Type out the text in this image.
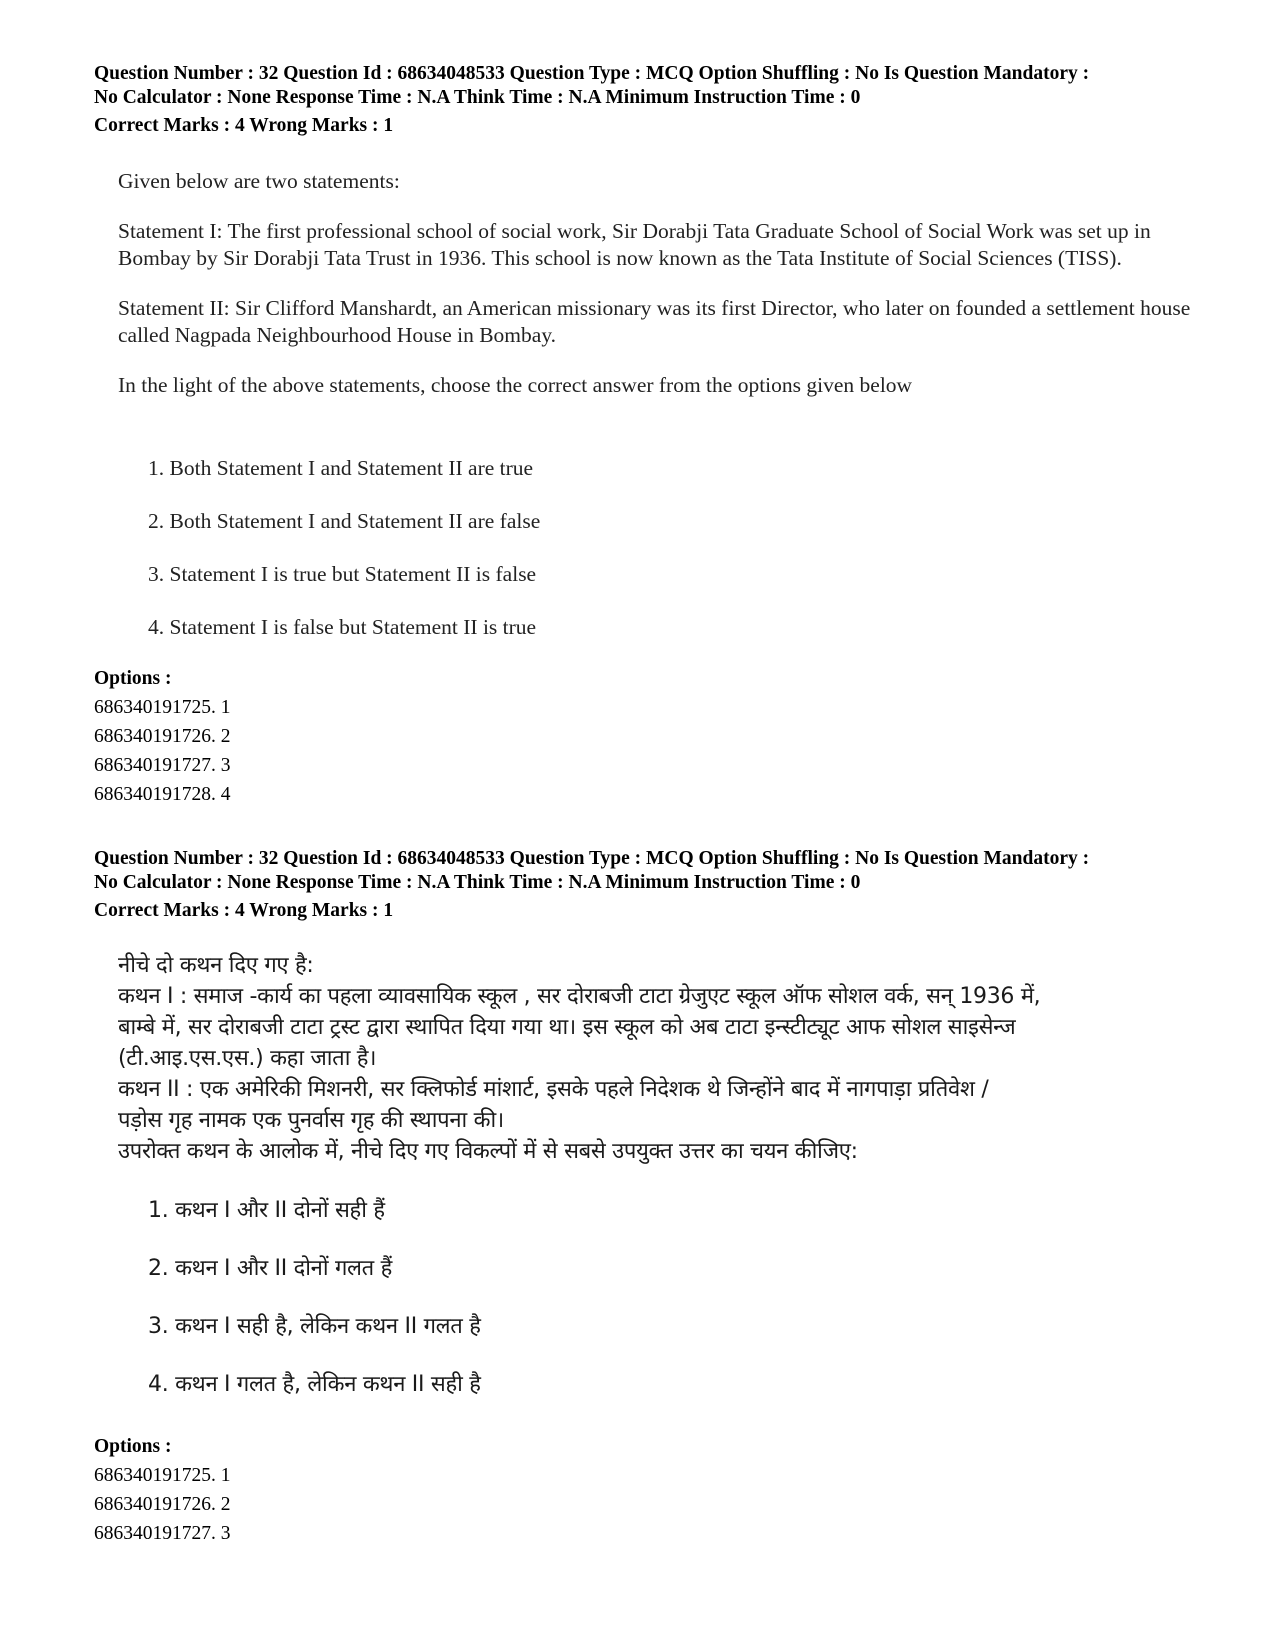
Question Number : 32 Question Id : 68634048533 Question Type : MCQ Option Shuffling : No Is Question Mandatory :
No Calculator : None Response Time : N.A Think Time : N.A Minimum Instruction Time : 0
Correct Marks : 4 Wrong Marks : 1

Given below are two statements:

Statement I: The first professional school of social work, Sir Dorabji Tata Graduate School of Social Work was set up in Bombay by Sir Dorabji Tata Trust in 1936. This school is now known as the Tata Institute of Social Sciences (TISS).

Statement II: Sir Clifford Manshardt, an American missionary was its first Director, who later on founded a settlement house called Nagpada Neighbourhood House in Bombay.

In the light of the above statements, choose the correct answer from the options given below

1. Both Statement I and Statement II are true
2. Both Statement I and Statement II are false
3. Statement I is true but Statement II is false
4. Statement I is false but Statement II is true
Options :
686340191725. 1
686340191726. 2
686340191727. 3
686340191728. 4
Question Number : 32 Question Id : 68634048533 Question Type : MCQ Option Shuffling : No Is Question Mandatory :
No Calculator : None Response Time : N.A Think Time : N.A Minimum Instruction Time : 0
Correct Marks : 4 Wrong Marks : 1

नीचे दो कथन दिए गए है:

कथन I : समाज -कार्य का पहला व्यावसायिक स्कूल , सर दोराबजी टाटा ग्रेजुएट स्कूल ऑफ सोशल वर्क, सन् 1936 में,

बाम्बे में, सर दोराबजी टाटा ट्रस्ट द्वारा स्थापित दिया गया था। इस स्कूल को अब टाटा इन्स्टीट्यूट आफ सोशल साइसेन्ज

(टी.आइ.एस.एस.) कहा जाता है।

कथन II : एक अमेरिकी मिशनरी, सर क्लिफोर्ड मांशार्ट, इसके पहले निदेशक थे जिन्होंने बाद में नागपाड़ा प्रतिवेश /

पड़ोस गृह नामक एक पुनर्वास गृह की स्थापना की।

उपरोक्त कथन के आलोक में, नीचे दिए गए विकल्पों में से सबसे उपयुक्त उत्तर का चयन कीजिए:

1. कथन I और II दोनों सही हैं
2. कथन I और II दोनों गलत हैं
3. कथन I सही है, लेकिन कथन II गलत है
4. कथन I गलत है, लेकिन कथन II सही है
Options :
686340191725. 1
686340191726. 2
686340191727. 3
